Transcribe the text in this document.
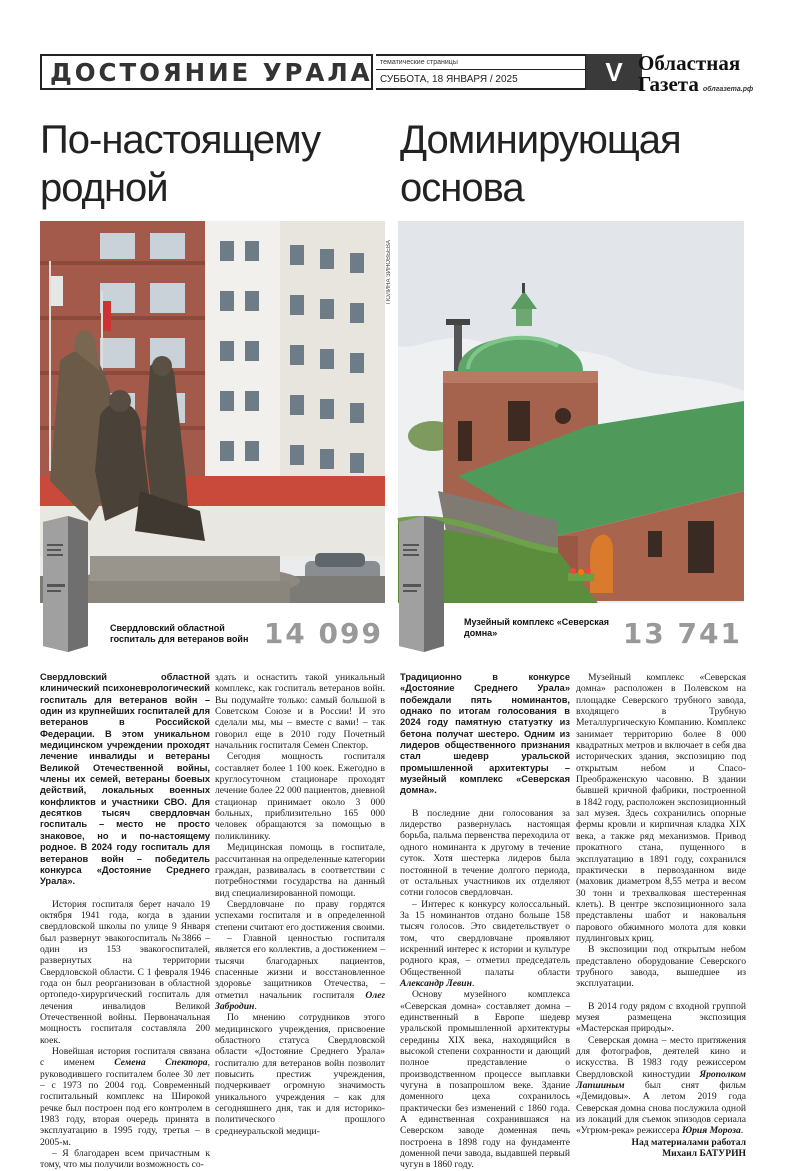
ДОСТОЯНИЕ УРАЛА	тематические страницы
СУББОТА, 18 ЯНВАРЯ / 2025	V Областная
Газета облгазета.рф
По-настоящему
родной
Доминирующая
основа
ПОЛИНА ЗИНОВЬЕВА
Свердловский областной госпиталь для ветеранов войн 14 099	Музейный комплекс «Северская домна»	13 741

Свердловский областной клинический психоневрологический госпиталь для ветеранов войн – один из крупнейших госпиталей для ветеранов в Российской Федерации. В этом уникальном медицинском учреждении проходят лечение инвалиды и ветераны Великой Отечественной войны, члены их семей, ветераны боевых действий, локальных военных конфликтов и участники СВО. Для десятков тысяч свердловчан госпиталь – место не просто знаковое, но и по-настоящему родное. В 2024 году госпиталь для ветеранов войн – победитель конкурса «Достояние Среднего Урала».

История госпиталя берет начало 19 октября 1941 года, когда в здании свердловской школы по улице 9 Января был развернут эвакогоспиталь №3866 – один из 153 эвакогоспиталей, развернутых на территории Свердловской области. С 1 февраля 1946 года он был реорганизован в областной ортопедо-хирургический госпиталь для лечения инвалидов Великой Отечественной войны. Первоначальная мощность госпиталя составляла 200 коек.

Новейшая история госпиталя связана с именем Семена Спектора, руководившего госпиталем более 30 лет – с 1973 по 2004 год. Современный госпитальный комплекс на Широкой речке был построен под его контролем в 1983 году, вторая очередь принята в эксплуатацию в 1995 году, третья – в 2005-м.

– Я благодарен всем причастным к тому, что мы получили возможность со-

здать и оснастить такой уникальный комплекс, как госпиталь ветеранов войн. Вы подумайте только: самый большой в Советском Союзе и в России! И это сделали мы, мы – вместе с вами! – так говорил еще в 2010 году Почетный начальник госпиталя Семен Спектор.

Сегодня мощность госпиталя составляет более 1 100 коек. Ежегодно в круглосуточном стационаре проходят лечение более 22 000 пациентов, дневной стационар принимает около 3 000 больных, приблизительно 165 000 человек обращаются за помощью в поликлинику.

Медицинская помощь в госпитале, рассчитанная на определенные категории граждан, развивалась в соответствии с потребностями государства на данный вид специализированной помощи.

Свердловчане по праву гордятся успехами госпиталя и в определенной степени считают его достижения своими.

– Главной ценностью госпиталя является его коллектив, а достижением – тысячи благодарных пациентов, спасенные жизни и восстановленное здоровье защитников Отечества, – отметил начальник госпиталя Олег Забродин.

По мнению сотрудников этого медицинского учреждения, присвоение областного статуса Свердловской области «Достояние Среднего Урала» госпиталю для ветеранов войн позволит повысить престиж учреждения, подчеркивает огромную значимость уникального учреждения – как для сегодняшнего дня, так и для историко-политического прошлого среднеуральской медици-

Традиционно в конкурсе «Достояние Среднего Урала» побеждали пять номинантов, однако по итогам голосования в 2024 году памятную статуэтку из бетона получат шестеро. Одним из лидеров общественного признания стал шедевр уральской промышленной архитектуры – музейный комплекс «Северская домна».

В последние дни голосования за лидерство развернулась настоящая борьба, пальма первенства переходила от одного номинанта к другому в течение суток. Хотя шестерка лидеров была постоянной в течение долгого периода, от остальных участников их отделяют сотни голосов свердловчан.

– Интерес к конкурсу колоссальный. За 15 номинантов отдано больше 158 тысяч голосов. Это свидетельствует о том, что свердловчане проявляют искренний интерес к истории и культуре родного края, – отметил председатель Общественной палаты области Александр Левин.

Основу музейного комплекса «Северская домна» составляет домна – единственный в Европе шедевр уральской промышленной архитектуры середины XIX века, находящийся в высокой степени сохранности и дающий полное представление о производственном процессе выплавки чугуна в позапрошлом веке. Здание доменного цеха сохранилось практически без изменений с 1860 года. А единственная сохранившаяся на Северском заводе доменная печь построена в 1898 году на фундаменте доменной печи завода, выдавшей первый чугун в 1860 году.

Музейный комплекс «Северская домна» расположен в Полевском на площадке Северского трубного завода, входящего в Трубную Металлургическую Компанию. Комплекс занимает территорию более 8 000 квадратных метров и включает в себя два исторических здания, экспозицию под открытым небом и Спасо-Преображенскую часовню. В здании бывшей кричной фабрики, построенной в 1842 году, расположен экспозиционный зал музея. Здесь сохранились опорные фермы кровли и кирпичная кладка XIX века, а также ряд механизмов. Привод прокатного стана, пущенного в эксплуатацию в 1891 году, сохранился практически в первозданном виде (маховик диаметром 8,55 метра и весом 30 тонн и трехвалковая шестеренная клеть). В центре экспозиционного зала представлены шабот и наковальня парового обжимного молота для ковки пудлинговых криц.

В экспозиции под открытым небом представлено оборудование Северского трубного завода, вышедшее из эксплуатации.

В 2014 году рядом с входной группой музея размещена экспозиция «Мастерская природы».

Северская домна – место притяжения для фотографов, деятелей кино и искусства. В 1983 году режиссером Свердловской киностудии Ярополком Лапшиным был снят фильм «Демидовы». А летом 2019 года Северская домна снова послужила одной из локаций для съемок эпизодов сериала «Угрюм-река» режиссера Юрия Мороза.

Над материалами работал

Михаил БАТУРИН
